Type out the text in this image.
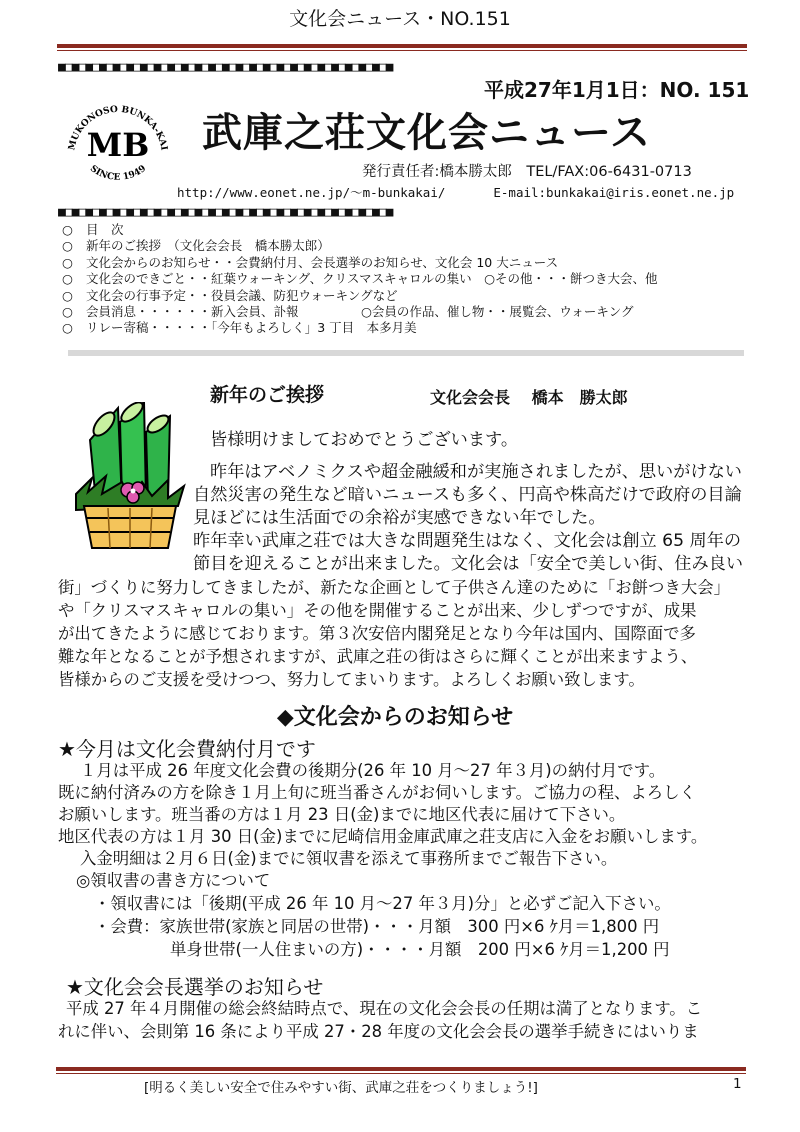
文化会ニュース・NO.151
■□■□■□■□■□■□■□■□■□■□■□■□■□■□■□■□■□■□■□■□■□■□■□■□■
平成27年1月1日：NO. 151
MUKONOSO BUNKA-KAI
MB
SINCE 1949
武庫之荘文化会ニュース
発行責任者:橋本勝太郎　TEL/FAX:06-6431-0713
http://www.eonet.ne.jp/～m-bunkakai/	E-mail:bunkakai@iris.eonet.ne.jp
■□■□■□■□■□■□■□■□■□■□■□■□■□■□■□■□■□■□■□■□■□■□■□■□■
○ 目　次
○ 新年のご挨拶　（文化会会長　橋本勝太郎）
○ 文化会からのお知らせ・・会費納付月、会長選挙のお知らせ、文化会 10 大ニュース
○ 文化会のできごと・・紅葉ウォーキング、クリスマスキャロルの集い　○その他・・・餅つき大会、他
○ 文化会の行事予定・・役員会議、防犯ウォーキングなど
○ 会員消息・・・・・・新入会員、訃報　　　　　○会員の作品、催し物・・展覧会、ウォーキング
○ リレー寄稿・・・・・「今年もよろしく」3 丁目　本多月美
新年のご挨拶	文化会会長　 橋本　勝太郎
皆様明けましておめでとうございます。
昨年はアベノミクスや超金融緩和が実施されましたが、思いがけない
自然災害の発生など暗いニュースも多く、円高や株高だけで政府の目論
見ほどには生活面での余裕が実感できない年でした。
昨年幸い武庫之荘では大きな問題発生はなく、文化会は創立 65 周年の
節目を迎えることが出来ました。文化会は「安全で美しい街、住み良い
街」づくりに努力してきましたが、新たな企画として子供さん達のために「お餅つき大会」
や「クリスマスキャロルの集い」その他を開催することが出来、少しずつですが、成果
が出てきたように感じております。第３次安倍内閣発足となり今年は国内、国際面で多
難な年となることが予想されますが、武庫之荘の街はさらに輝くことが出来ますよう、
皆様からのご支援を受けつつ、努力してまいります。よろしくお願い致します。
◆文化会からのお知らせ
★今月は文化会費納付月です
１月は平成 26 年度文化会費の後期分(26 年 10 月～27 年３月)の納付月です。
既に納付済みの方を除き１月上旬に班当番さんがお伺いします。ご協力の程、よろしく
お願いします。班当番の方は１月 23 日(金)までに地区代表に届けて下さい。
地区代表の方は１月 30 日(金)までに尼崎信用金庫武庫之荘支店に入金をお願いします。
入金明細は２月６日(金)までに領収書を添えて事務所までご報告下さい。
◎領収書の書き方について
・領収書には「後期(平成 26 年 10 月～27 年３月)分」と必ずご記入下さい。
・会費：家族世帯(家族と同居の世帯)・・・月額　300 円×6 ｹ月＝1,800 円
単身世帯(一人住まいの方)・・・・月額　200 円×6 ｹ月＝1,200 円
★文化会会長選挙のお知らせ
平成 27 年４月開催の総会終結時点で、現在の文化会会長の任期は満了となります。こ
れに伴い、会則第 16 条により平成 27・28 年度の文化会会長の選挙手続きにはいりま
[明るく美しい安全で住みやすい街、武庫之荘をつくりましょう!]	1
